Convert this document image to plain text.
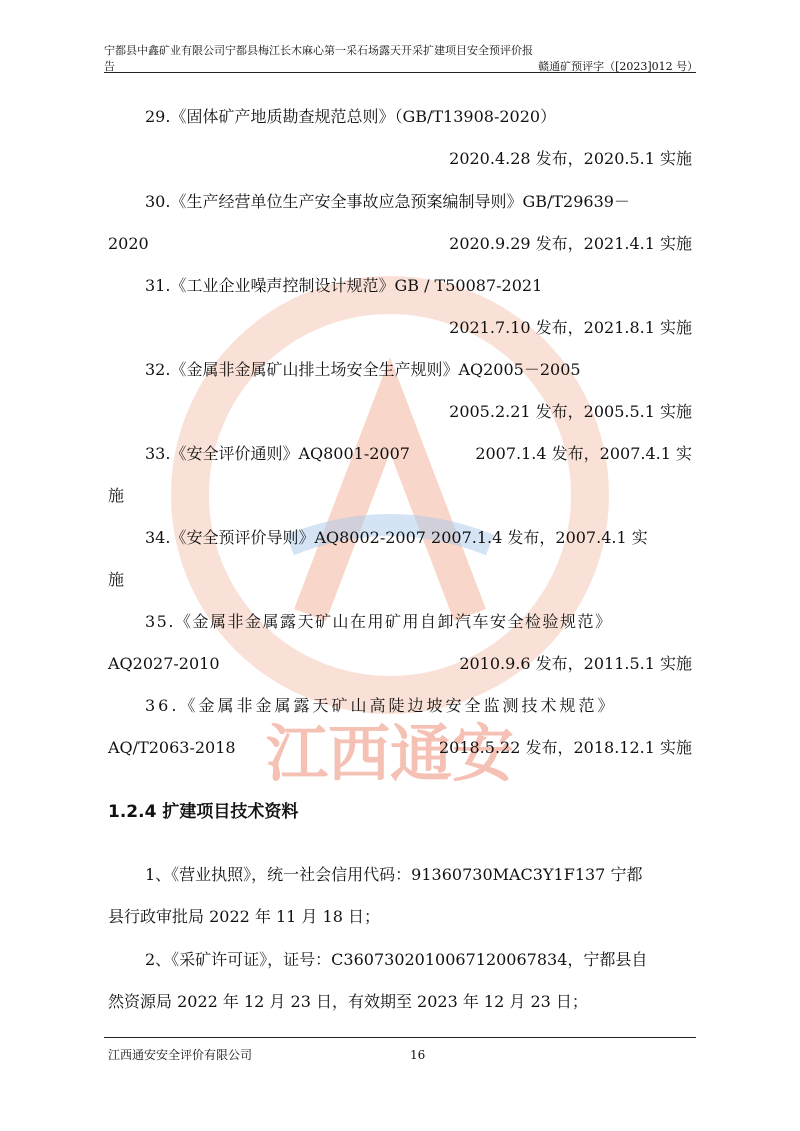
江西通安
宁都县中鑫矿业有限公司宁都县梅江长木麻心第一采石场露天开采扩建项目安全预评价报告	赣通矿预评字（[2023]012 号）
29.《固体矿产地质勘查规范总则》（GB/T13908-2020）
2020.4.28 发布，2020.5.1 实施
30.《生产经营单位生产安全事故应急预案编制导则》GB/T29639－
2020	2020.9.29 发布，2021.4.1 实施
31.《工业企业噪声控制设计规范》GB / T50087-2021
2021.7.10 发布，2021.8.1 实施
32.《金属非金属矿山排土场安全生产规则》AQ2005－2005
2005.2.21 发布，2005.5.1 实施
33.《安全评价通则》AQ8001-2007	2007.1.4 发布，2007.4.1 实
施
34.《安全预评价导则》AQ8002-2007 2007.1.4 发布，2007.4.1 实
施
35.《金属非金属露天矿山在用矿用自卸汽车安全检验规范》
AQ2027-2010	2010.9.6 发布，2011.5.1 实施
36.《金属非金属露天矿山高陡边坡安全监测技术规范》
AQ/T2063-2018	2018.5.22 发布，2018.12.1 实施
1.2.4 扩建项目技术资料
1、《营业执照》，统一社会信用代码：91360730MAC3Y1F137 宁都
县行政审批局 2022 年 11 月 18 日；
2、《采矿许可证》，证号：C3607302010067120067834，宁都县自
然资源局 2022 年 12 月 23 日，有效期至 2023 年 12 月 23 日；
江西通安安全评价有限公司	16
